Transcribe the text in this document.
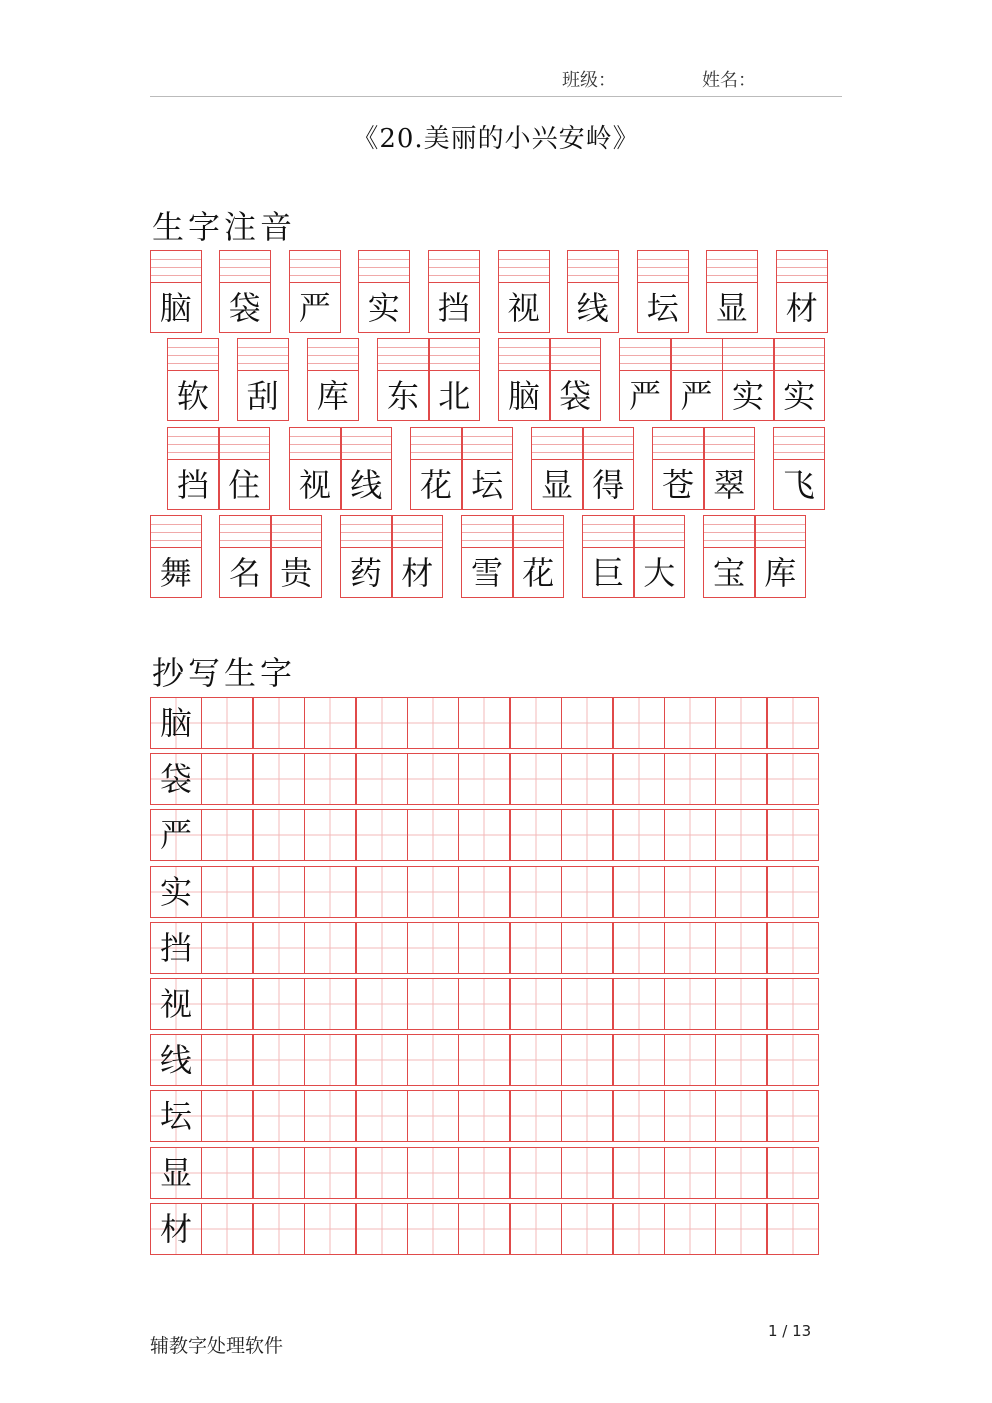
班级：	姓名：
《20.美丽的小兴安岭》
生字注音
脑 袋 严 实 挡 视 线 坛 显 材
软 刮 库 东 北 脑 袋 严 严 实 实
挡 住 视 线 花 坛 显 得 苍 翠 飞
舞 名 贵 药 材 雪 花 巨 大 宝 库
抄写生字
脑
袋
严
实
挡
视
线
坛
显
材
辅教字处理软件
1 / 13
